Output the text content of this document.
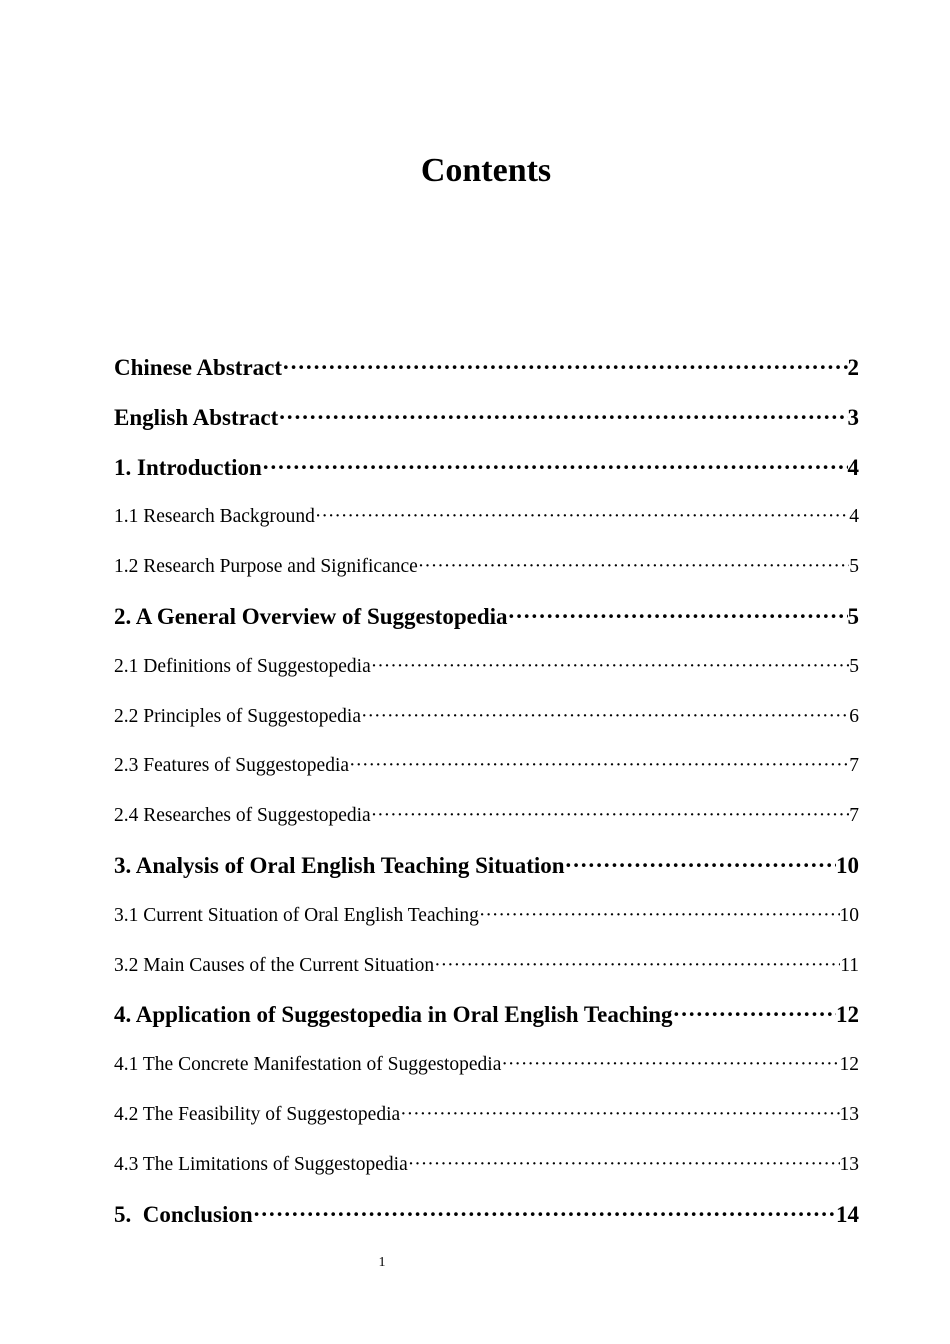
Contents
Chinese Abstract ·····	2
English Abstract ·····	3
1. Introduction ·····	4
1.1 Research Background ·····	4
1.2 Research Purpose and Significance ·····	5
2. A General Overview of Suggestopedia ·····	5
2.1 Definitions of Suggestopedia ·····	5
2.2 Principles of Suggestopedia ·····	6
2.3 Features of Suggestopedia ·····	7
2.4 Researches of Suggestopedia ·····	7
3. Analysis of Oral English Teaching Situation ·····	10
3.1 Current Situation of Oral English Teaching ·····	10
3.2 Main Causes of the Current Situation ·····	11
4. Application of Suggestopedia in Oral English Teaching ·····	12
4.1 The Concrete Manifestation of Suggestopedia ·····	12
4.2 The Feasibility of Suggestopedia ·····	13
4.3 The Limitations of Suggestopedia ·····	13
5.  Conclusion ·····	14
1
